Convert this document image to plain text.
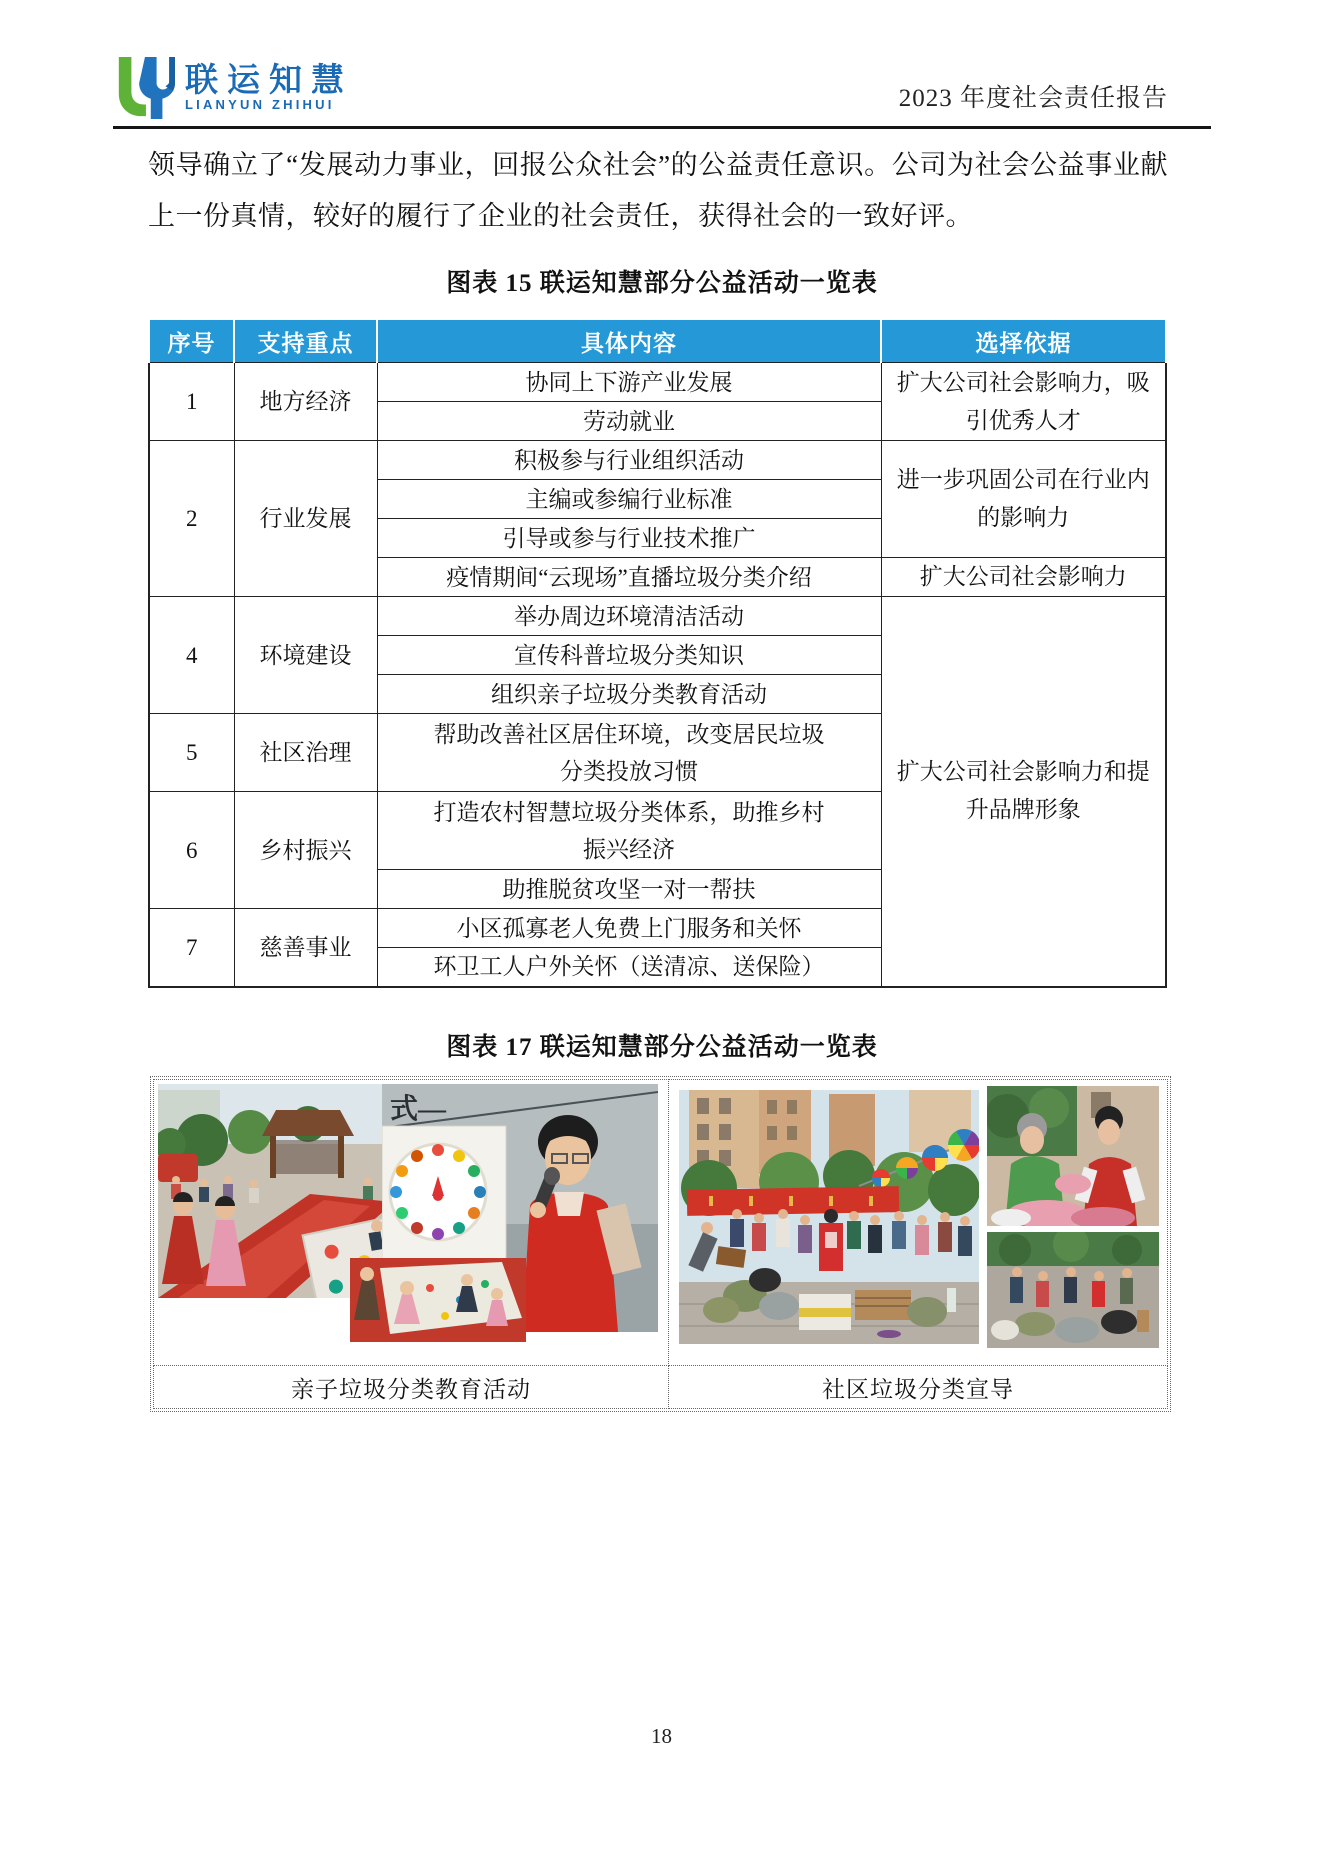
联运知慧
LIANYUN ZHIHUI	2023 年度社会责任报告
领导确立了“发展动力事业，回报公众社会”的公益责任意识。公司为社会公益事业献上一份真情，较好的履行了企业的社会责任，获得社会的一致好评。
图表 15 联运知慧部分公益活动一览表
序号	支持重点	具体内容	选择依据
1	地方经济	协同上下游产业发展	扩大公司社会影响力，吸引优秀人才
		劳动就业	
2	行业发展	积极参与行业组织活动	进一步巩固公司在行业内的影响力
		主编或参编行业标准	
		引导或参与行业技术推广	
		疫情期间“云现场”直播垃圾分类介绍	扩大公司社会影响力
4	环境建设	举办周边环境清洁活动	扩大公司社会影响力和提升品牌形象
		宣传科普垃圾分类知识	
		组织亲子垃圾分类教育活动	
5	社区治理	帮助改善社区居住环境，改变居民垃圾分类投放习惯	
6	乡村振兴	打造农村智慧垃圾分类体系，助推乡村振兴经济	
		助推脱贫攻坚一对一帮扶	
7	慈善事业	小区孤寡老人免费上门服务和关怀	
		环卫工人户外关怀（送清凉、送保险）	
图表 17 联运知慧部分公益活动一览表
式—

亲子垃圾分类教育活动	社区垃圾分类宣导
18
